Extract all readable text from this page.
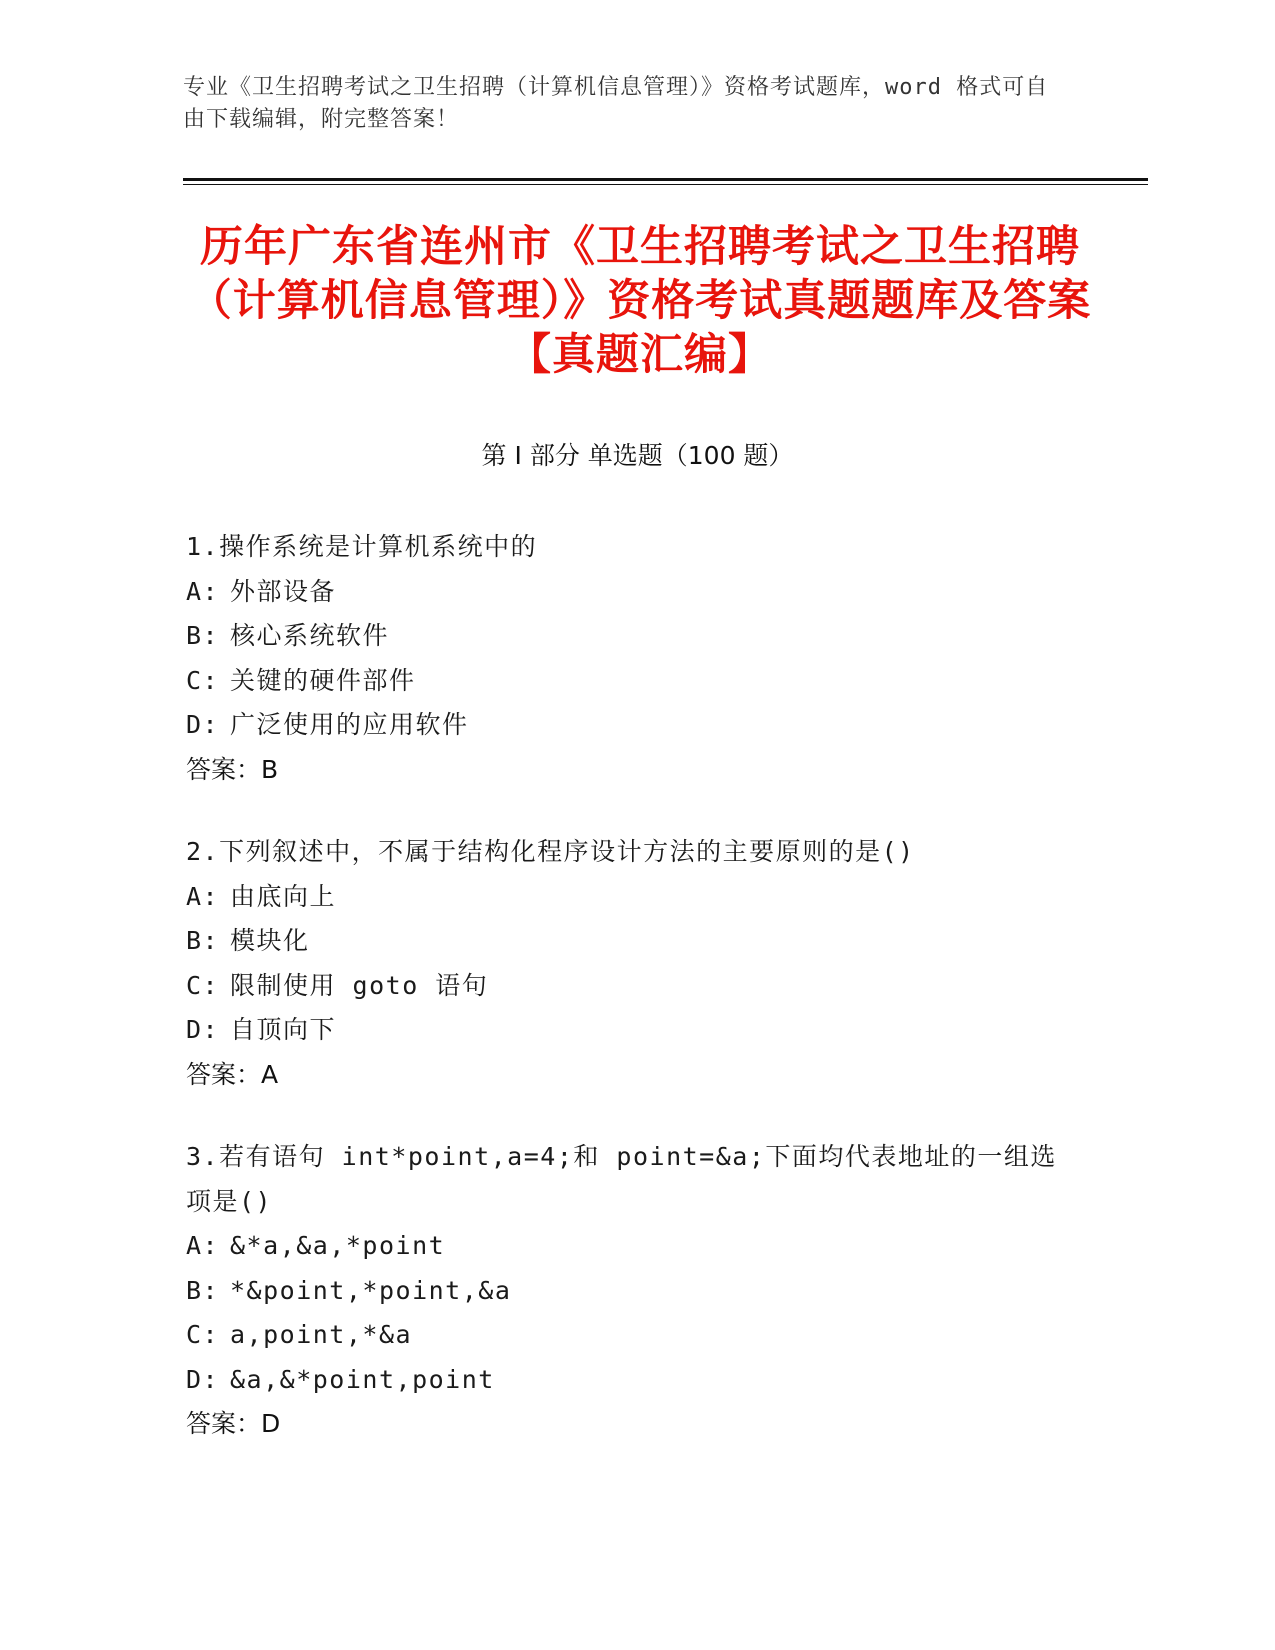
专业《卫生招聘考试之卫生招聘（计算机信息管理）》资格考试题库，word 格式可自由下载编辑，附完整答案！
历年广东省连州市《卫生招聘考试之卫生招聘（计算机信息管理）》资格考试真题题库及答案【真题汇编】
第 I 部分 单选题（100 题）
1.操作系统是计算机系统中的
A: 外部设备
B: 核心系统软件
C: 关键的硬件部件
D: 广泛使用的应用软件
答案：B
2.下列叙述中，不属于结构化程序设计方法的主要原则的是()
A: 由底向上
B: 模块化
C: 限制使用 goto 语句
D: 自顶向下
答案：A
3.若有语句 int*point,a=4;和 point=&a;下面均代表地址的一组选项是()
A: &*a,&a,*point
B: *&point,*point,&a
C: a,point,*&a
D: &a,&*point,point
答案：D
